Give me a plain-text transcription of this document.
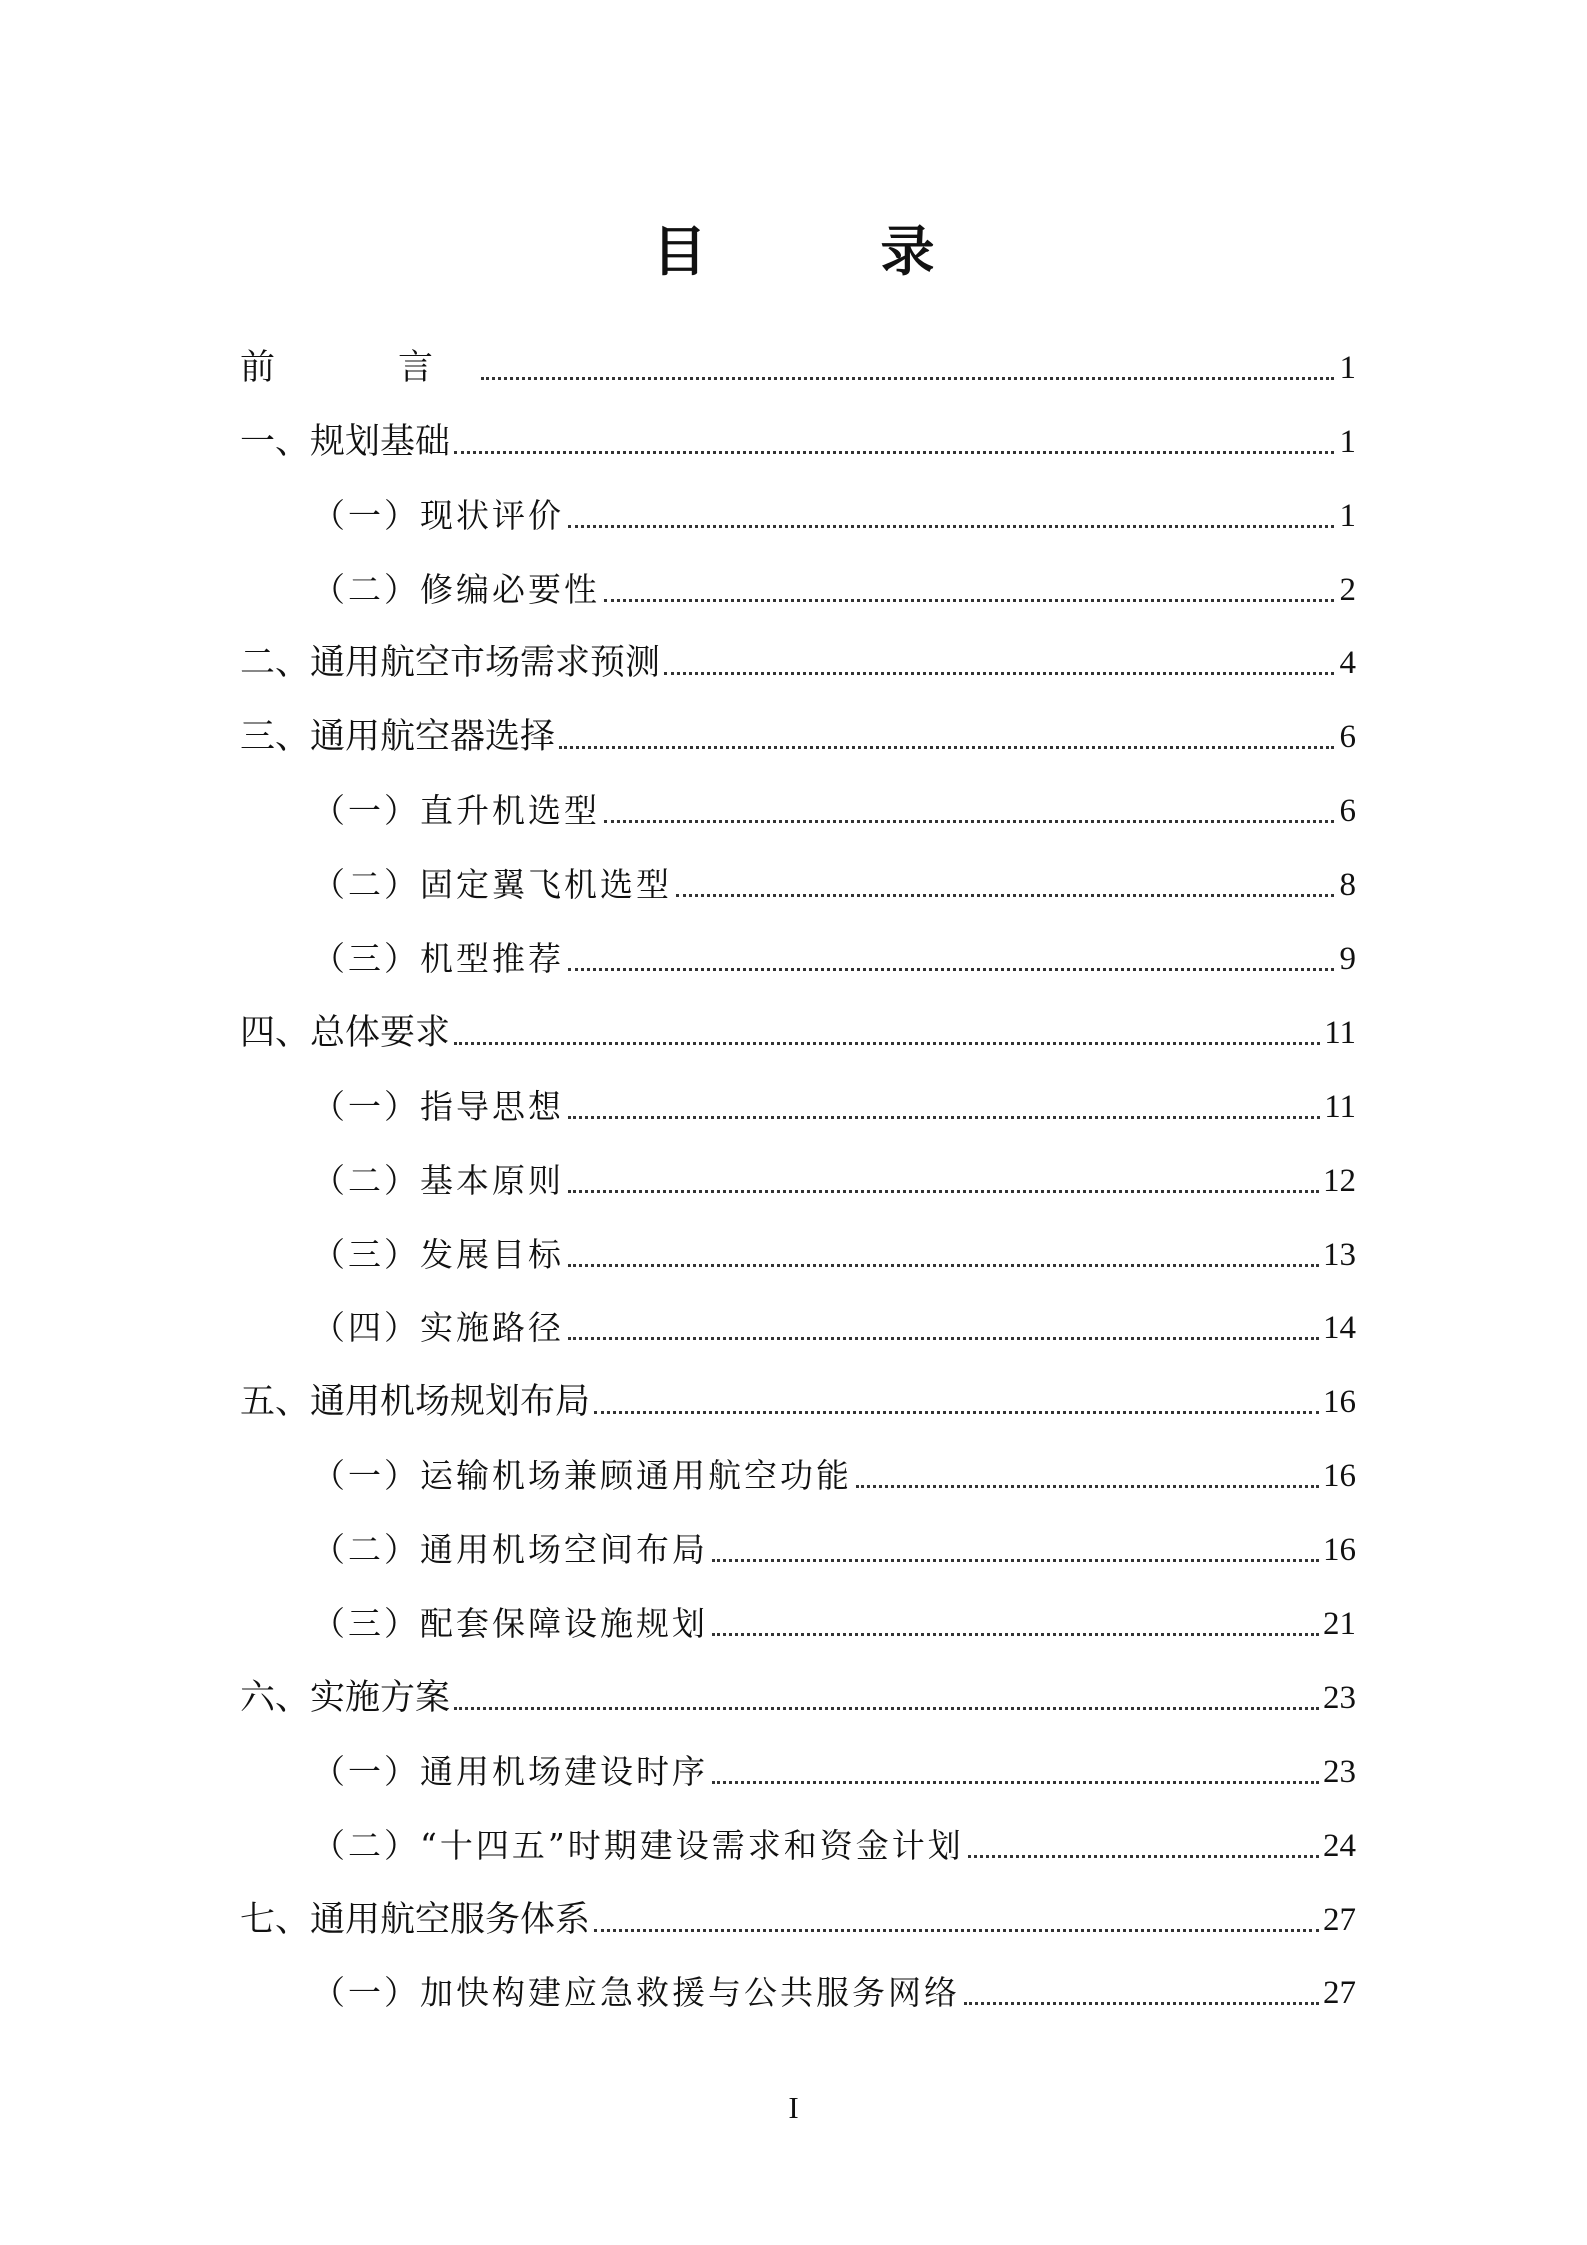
目　录
前　言	1
一、规划基础	1
（一）现状评价	1
（二）修编必要性	2
二、通用航空市场需求预测	4
三、通用航空器选择	6
（一）直升机选型	6
（二）固定翼飞机选型	8
（三）机型推荐	9
四、总体要求	11
（一）指导思想	11
（二）基本原则	12
（三）发展目标	13
（四）实施路径	14
五、通用机场规划布局	16
（一）运输机场兼顾通用航空功能	16
（二）通用机场空间布局	16
（三）配套保障设施规划	21
六、实施方案	23
（一）通用机场建设时序	23
（二）“十四五”时期建设需求和资金计划	24
七、通用航空服务体系	27
（一）加快构建应急救援与公共服务网络	27
I
